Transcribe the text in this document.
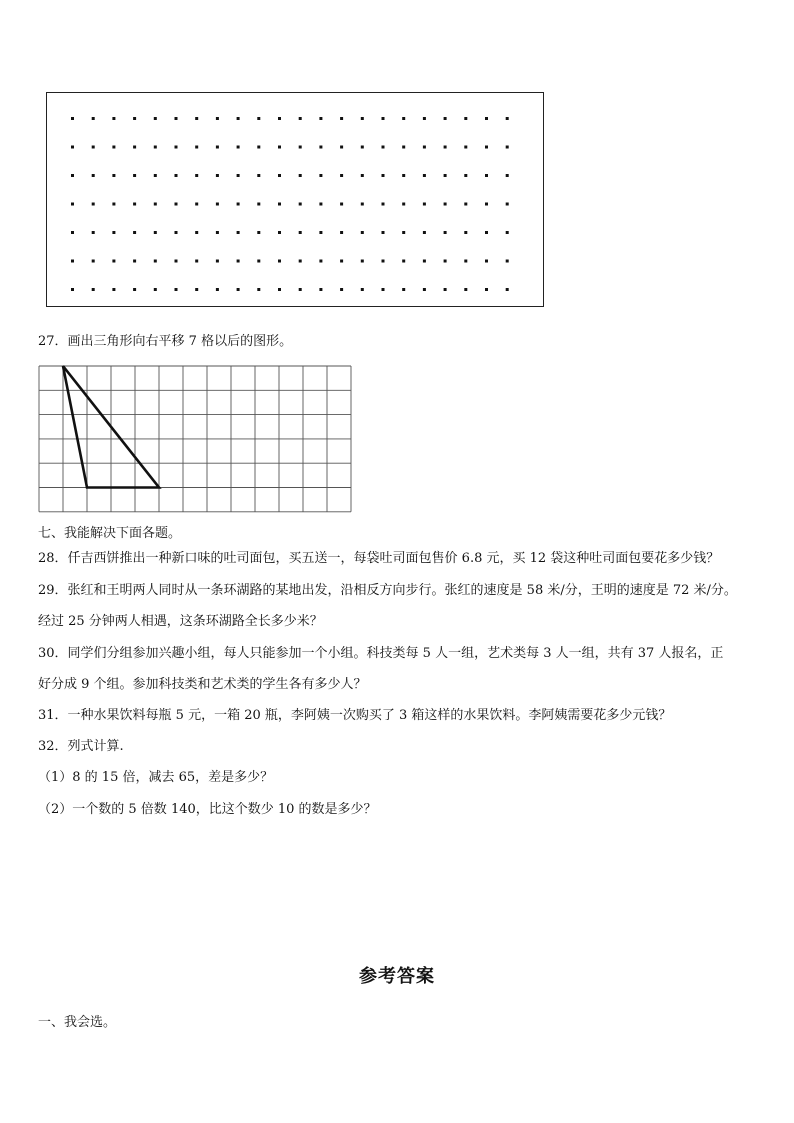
27．画出三角形向右平移 7 格以后的图形。
七、我能解决下面各题。
28．仟吉西饼推出一种新口味的吐司面包，买五送一，每袋吐司面包售价 6.8 元，买 12 袋这种吐司面包要花多少钱？
29．张红和王明两人同时从一条环湖路的某地出发，沿相反方向步行。张红的速度是 58 米/分，王明的速度是 72 米/分。
经过 25 分钟两人相遇，这条环湖路全长多少米？
30．同学们分组参加兴趣小组，每人只能参加一个小组。科技类每 5 人一组，艺术类每 3 人一组，共有 37 人报名，正
好分成 9 个组。参加科技类和艺术类的学生各有多少人？
31．一种水果饮料每瓶 5 元，一箱 20 瓶，李阿姨一次购买了 3 箱这样的水果饮料。李阿姨需要花多少元钱？
32．列式计算.
（1）8 的 15 倍，减去 65，差是多少？
（2）一个数的 5 倍数 140，比这个数少 10 的数是多少？
参考答案
一、我会选。
